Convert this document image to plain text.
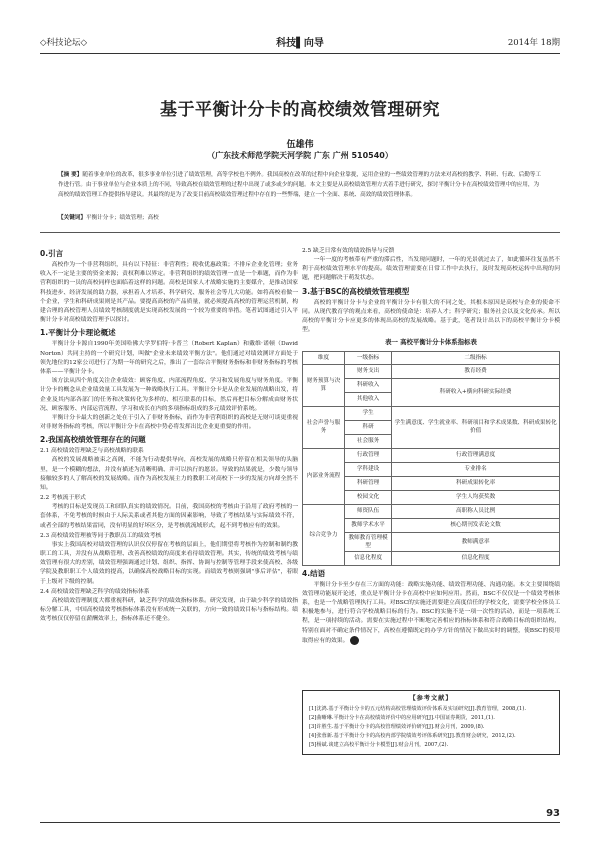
◇科技论坛◇	科技▌向导	2014年 18期
基于平衡计分卡的高校绩效管理研究
伍雄伟
（广东技术师范学院天河学院 广东 广州 510540）
【摘 要】随着事业单位的改革，很多事业单位引进了绩效管理，高等学校也不例外。我国高校在改革的过程中向企业靠拢，运用企业的一些绩效管理的方法来对高校的教学、科研、行政、后勤等工作进行管。由于事业单位与企业本质上的不同，导致高校在绩效管理的过程中出现了或多或少的问题。本文主要是从高校绩效管理方式着手进行研究，探讨平衡计分卡在高校绩效管理中的应用，为高校的绩效管理工作提供指导建议。其最终的是为了改变目前高校绩效管理过程中存在的一些弊端，建立一个全面、系统、高效的绩效管理体系。
【关键词】平衡计分卡；绩效管理；高校
0.引言

高校作为一个非营利组织，具有以下特征：非营利性；税收优惠政策；不排斥企业化管理；业务收入不一定是主要的资金来源；责权利难以界定。非营利组织的绩效管理一直是一个难题，而作为非营利组织的一员的高校同样也面临着这样的问题。高校是国家人才战略实施的主要媒介，是推动国家科技进步、经济发展的助力器，承担着人才培养、科学研究、服务社会等几大功能。如将高校看做一个企业，学生和科研成果则是其产品。要提高高校的产品质量，就必须提高高校的管理运营机制，构建合理的高校管理人员绩效考核制度就是实现高校发展的一个较为重要的举措。笔者试图通过引入平衡计分卡对高校绩效管理予以探讨。

1.平衡计分卡理论概述

平衡计分卡源自1990年美国哈佛大学罗伯特·卡普兰（Robert Kaplan）和戴维·诺顿（David Norton）共同主持的一个研究计划，叫做"企业未来绩效平衡方法"。他们通过对绩效测评方面处于领先地位的12家公司进行了为期一年的研究之后，推出了一套综合平衡财务指标和非财务指标的考核体系——平衡计分卡。

该方法从四个角度关注企业绩效：顾客角度、内部流程角度、学习和发展角度与财务角度。平衡计分卡的概念从企业绩效量工具发展为一种战略执行工具。平衡计分卡是从企业发展的战略出发，将企业及其内部各部门的任务和决策转化为多样的、相互联系的目标，然后再把目标分解成由财务状况、顾客服务、内部运营流程、学习和成长在内的多项指标组成的多元绩效评价系统。

平衡计分卡最大的创新之处在于引入了非财务指标，而作为非营利组织的高校是无财可谈更重视对非财务指标的考核，所以平衡计分卡在高校中势必将发挥出比企业更重要的作用。

2.我国高校绩效管理存在的问题
2.1 高校绩效管理缺乏与高校战略的联系

高校的发展战略被束之高阁，不能为行动提供导向，高校发展的战略只停留在相关领导的头脑里，是一个模糊的想法，并没有描述为清晰明确、并可以执行的愿景。导致的结果就是，少数与领导接触较多的人了解高校的发展战略。而作为高校发展主力的教职工对高校下一步的发展方向却全然不知。

2.2 考核流于形式

考核的目标是发现员工和团队真实的绩效情况。目前，我国高校的考核由于沿用了政府考核的一套体系，不免考核的时候由于人际关系或者其他方面的因素影响，导致了考核结果与实际绩效不符，或者全部的考核结果雷同，没有明显的好坏区分，是考核就流域形式，起不到考核应有的效果。

2.3 高校绩效管理被等同于教职员工的绩效考核

事实上我国高校对绩效管理的认识仅仅停留在考核的层面上，他们期望将考核作为控制和制约教职工的工具，并没有从战略管理、改善高校绩效的高度来看待绩效管理。其实，传统的绩效考核与绩效管理有很大的差别，绩效管理强调通过计划、组织、指挥、协调与控制等管理手段来使高校、各级学院及教职职工个人绩效的提高，以确保高校战略目标的实现。而绩效考核则强调"事后评估"，着眼于上级对下级的控制。

2.4 高校绩效管理缺乏科学的绩效指标体系

高校绩效管理制度大都重视科研，缺乏科学的绩效指标体系。研究发现，由于缺少科学的绩效指标分解工具，中国高校绩效考核指标体系没有形成统一关联的，方向一致的绩效目标与指标结构。绩效考核仅仅停留在薪酬效率上，指标体系还不健全。

2.5 缺乏日常有效的绩效指导与反馈

一年一度的考核带有严重的滞后性，当发现问题时，一年的光景就过去了，如此循环往复虽然不利于高校绩效管理水平的提高。绩效管理需要在日常工作中去执行，及时发现高校运转中出现的问题，把问题解决于萌发状态。

3.基于BSC的高校绩效管理模型

高校的平衡计分卡与企业的平衡计分卡有很大的不同之处，其根本原因是高校与企业的使命不同。从现代教育学的观点来看，高校的使命是：培养人才；科学研究；服务社会以及文化传承。所以高校的平衡计分卡应更多的体现出高校的发展战略。基于此，笔者设计出以下的高校平衡计分卡模型。

表一 高校平衡计分卡体系指标表
维度	一级指标	二级指标
财务预算与决算	财务支出	教育经费
	科研收入	科研收入+横向科研实际经费
	其他收入	
社会声誉与服务	学生	学生满意度、学生就业率、科研项目和学术成果数、科研成果转化价值
	科研	
	社会服务	
内部业务流程	行政管理	行政管理满意度
	学科建设	专业排名
	科研管理	科研成果转化率
	校园文化	学生人均获奖数
综合竞争力	师资队伍	高职称人员比例
	教师学术水平	核心期刊发表论文数
	教师教育管理模型	教师满意率
	信息化程度	信息化程度
4.结语

平衡计分卡至少存在三方面的功能：战略实施功能、绩效管理功能、沟通功能。本文主要围绕绩效管理功能展开论述，重点是平衡计分卡在高校中应如何应用。然而，BSC不仅仅是一个绩效考核体系，也是一个战略管理执行工具。对BSC的实施还需要建立高度信任的学校文化，需要学校全体员工积极地参与，进行符合学校战略目标的行为。BSC的实施不是一项一次性的活动，而是一项系统工程，是一项持续的活动。需要在实施过程中不断地完善相应的指标体系和符合战略目标的组织结构，特别在面对不确定条件情况下，高校在遵循既定的办学方针的情况下做出实时的调整，使BSC的使用取得应有的效果。 A

【参考文献】
[1]沈鸿.基于平衡计分卡的五元结构高校管理绩效评价体系及实证研究[J].教育管理，2008,(1).
[2]曲晰琳.平衡计分卡在高校绩效评价中的应用研究[J].中国证券期货，2011,(1).
[3]许胜生.基于平衡计分卡的高校管理绩效评价研究[J].财会月刊，2009,(8).
[4]张蓉新.基于平衡计分卡的高校内部学院绩效考评体系研究[J].教育财会研究，2012,(2).
[5]杨斌.谈建立高校平衡计分卡模型[J].财会月刊，2007,(2).
93
